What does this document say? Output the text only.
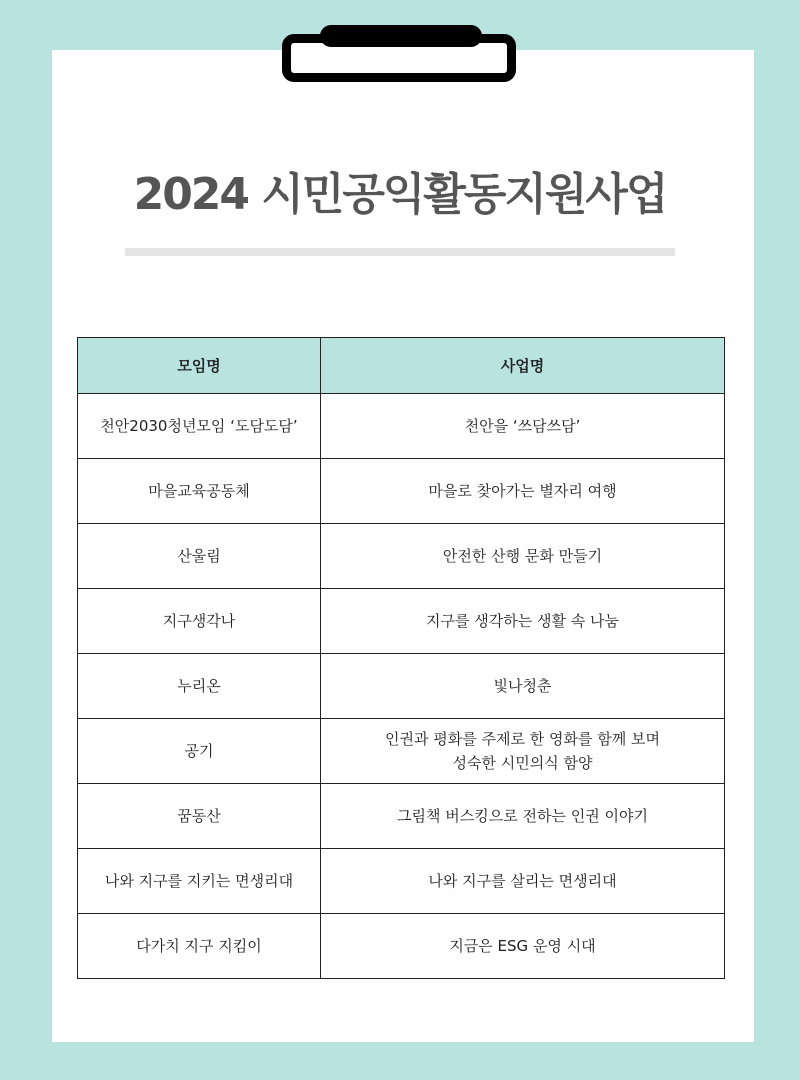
2024 시민공익활동지원사업
모임명	사업명
천안2030청년모임 ‘도담도담’	천안을 ‘쓰담쓰담’
마을교육공동체	마을로 찾아가는 별자리 여행
산울림	안전한 산행 문화 만들기
지구생각나	지구를 생각하는 생활 속 나눔
누리온	빛나청춘
공기	인권과 평화를 주제로 한 영화를 함께 보며
성숙한 시민의식 함양
꿈동산	그림책 버스킹으로 전하는 인권 이야기
나와 지구를 지키는 면생리대	나와 지구를 살리는 면생리대
다가치 지구 지킴이	지금은 ESG 운영 시대
